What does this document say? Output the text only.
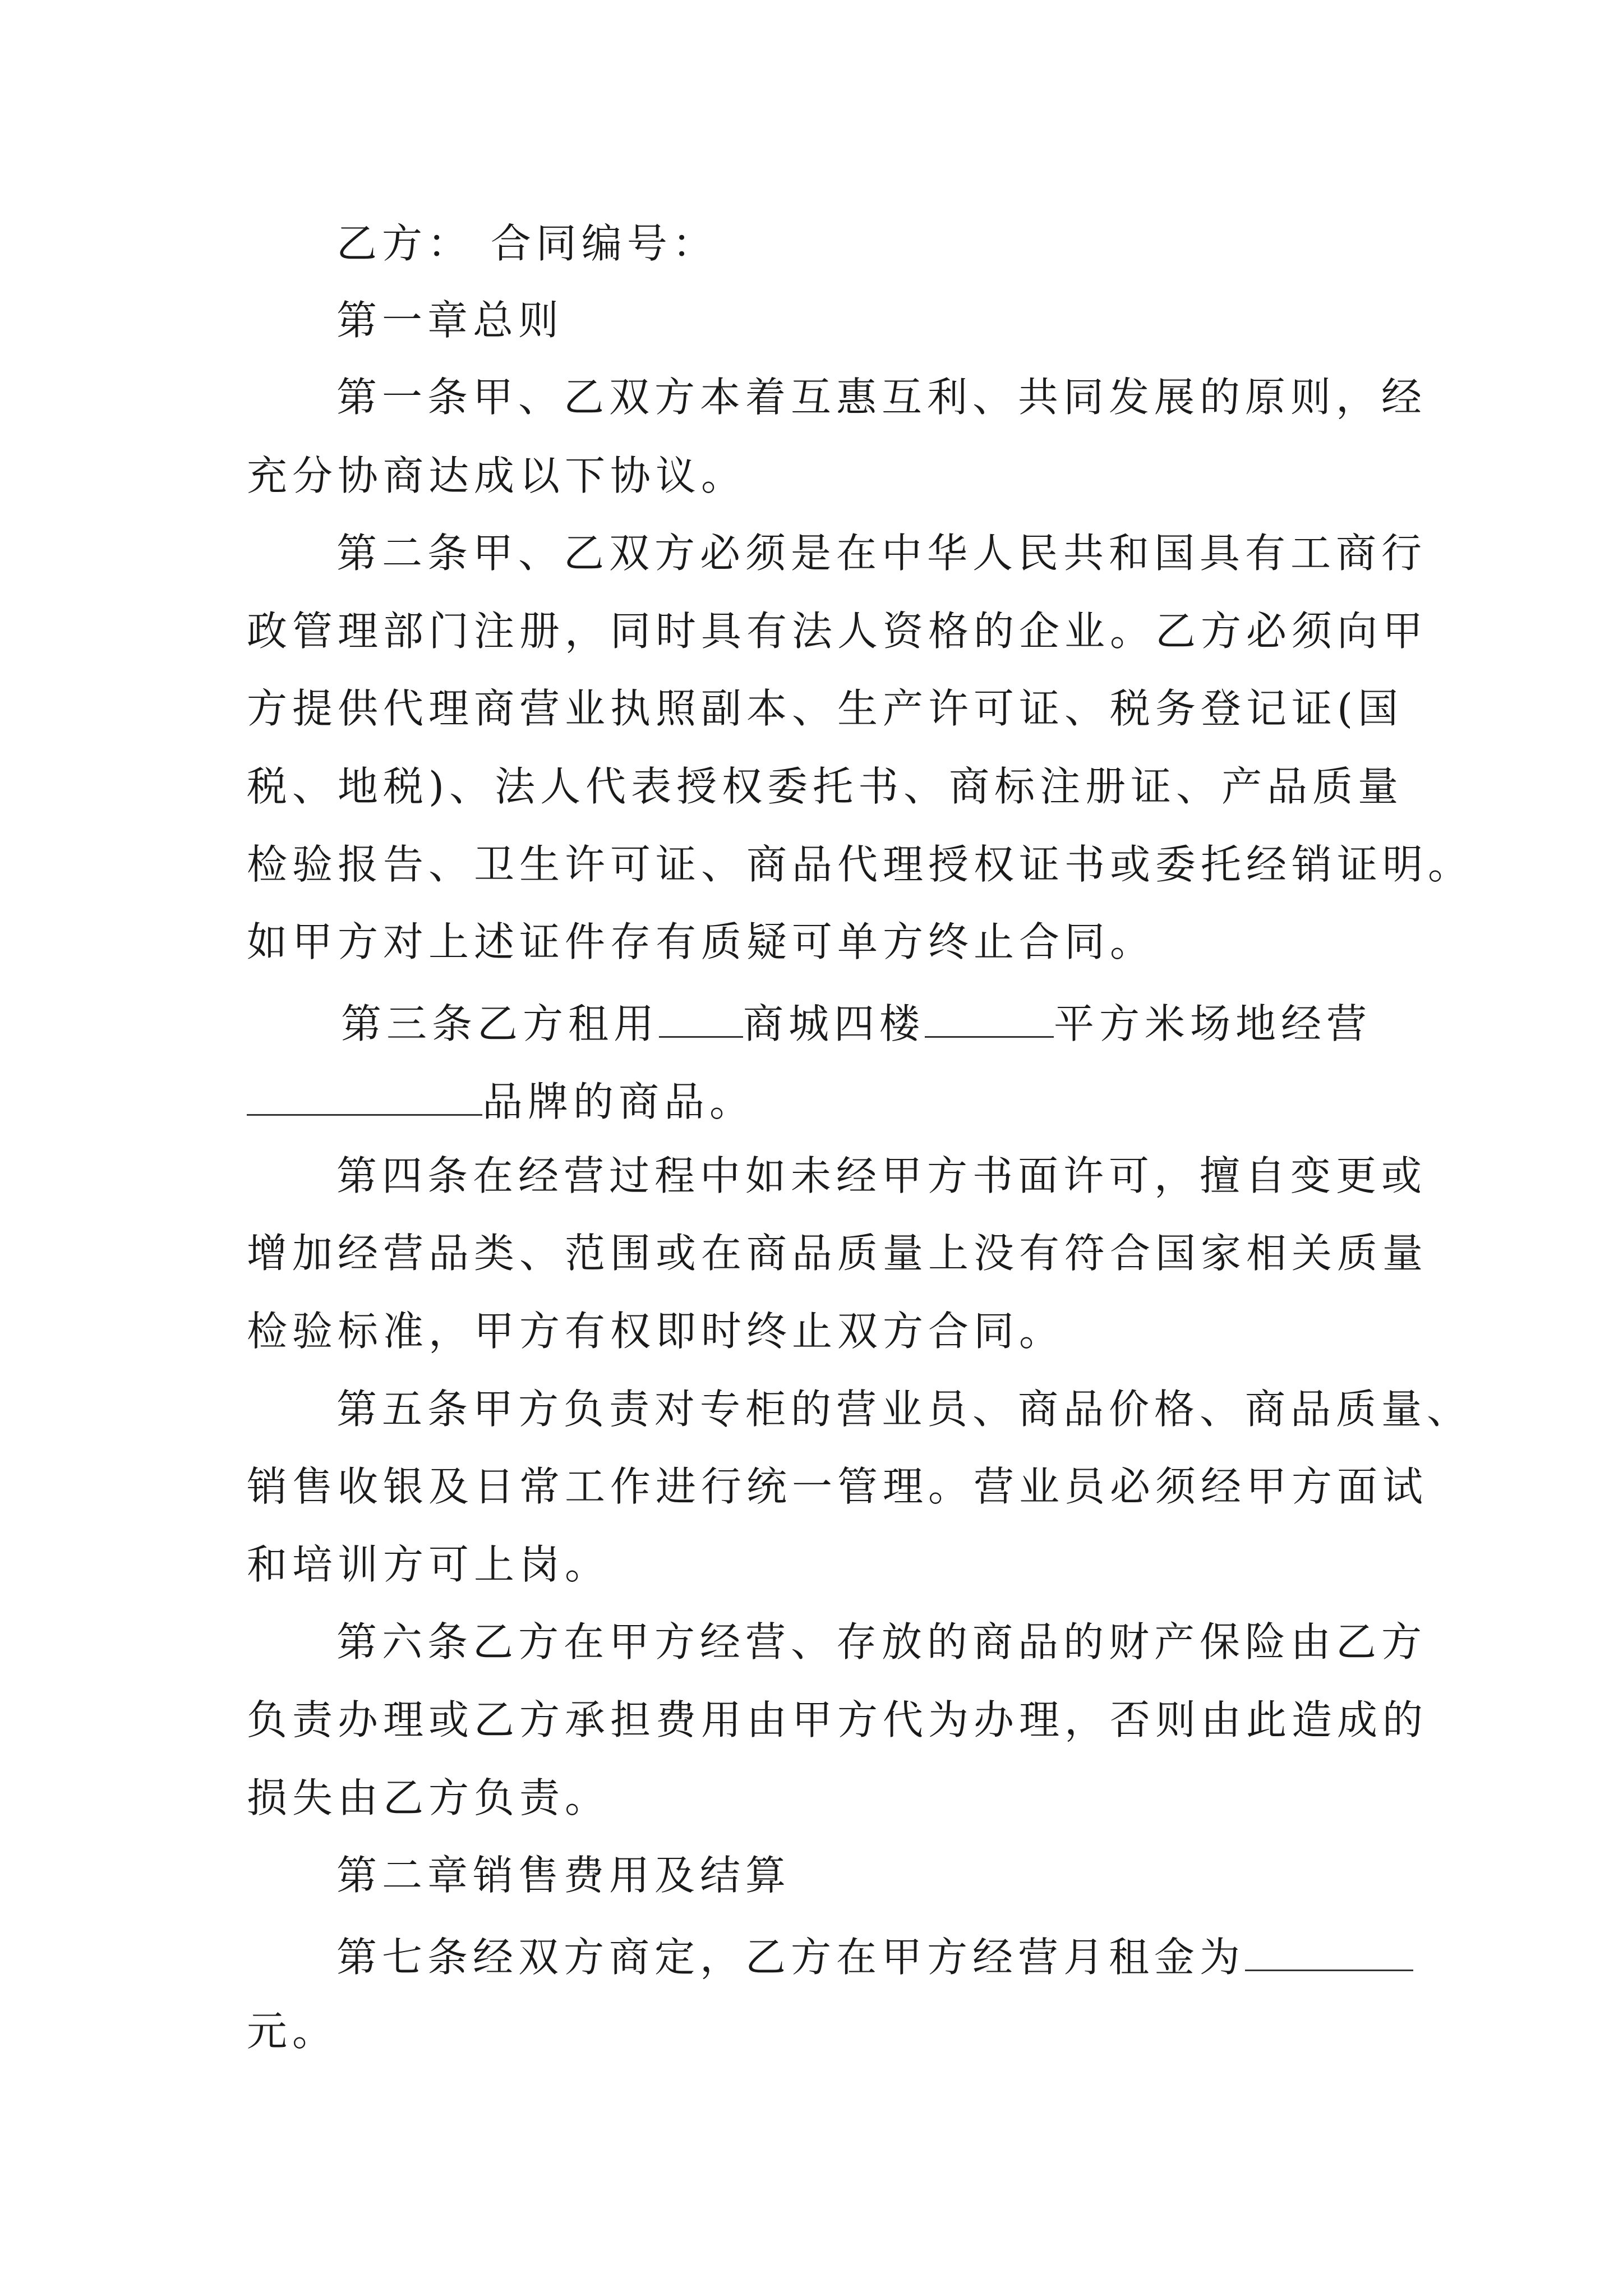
乙方： 合同编号：
第一章总则
第一条甲、乙双方本着互惠互利、共同发展的原则，经
充分协商达成以下协议。
第二条甲、乙双方必须是在中华人民共和国具有工商行
政管理部门注册，同时具有法人资格的企业。乙方必须向甲
方提供代理商营业执照副本、生产许可证、税务登记证(国
税、地税)、法人代表授权委托书、商标注册证、产品质量
检验报告、卫生许可证、商品代理授权证书或委托经销证明。
如甲方对上述证件存有质疑可单方终止合同。
第三条乙方租用 商城四楼	平方米场地经营
品牌的商品。
第四条在经营过程中如未经甲方书面许可，擅自变更或
增加经营品类、范围或在商品质量上没有符合国家相关质量
检验标准，甲方有权即时终止双方合同。
第五条甲方负责对专柜的营业员、商品价格、商品质量、
销售收银及日常工作进行统一管理。营业员必须经甲方面试
和培训方可上岗。
第六条乙方在甲方经营、存放的商品的财产保险由乙方
负责办理或乙方承担费用由甲方代为办理，否则由此造成的
损失由乙方负责。
第二章销售费用及结算
第七条经双方商定，乙方在甲方经营月租金为
元。
